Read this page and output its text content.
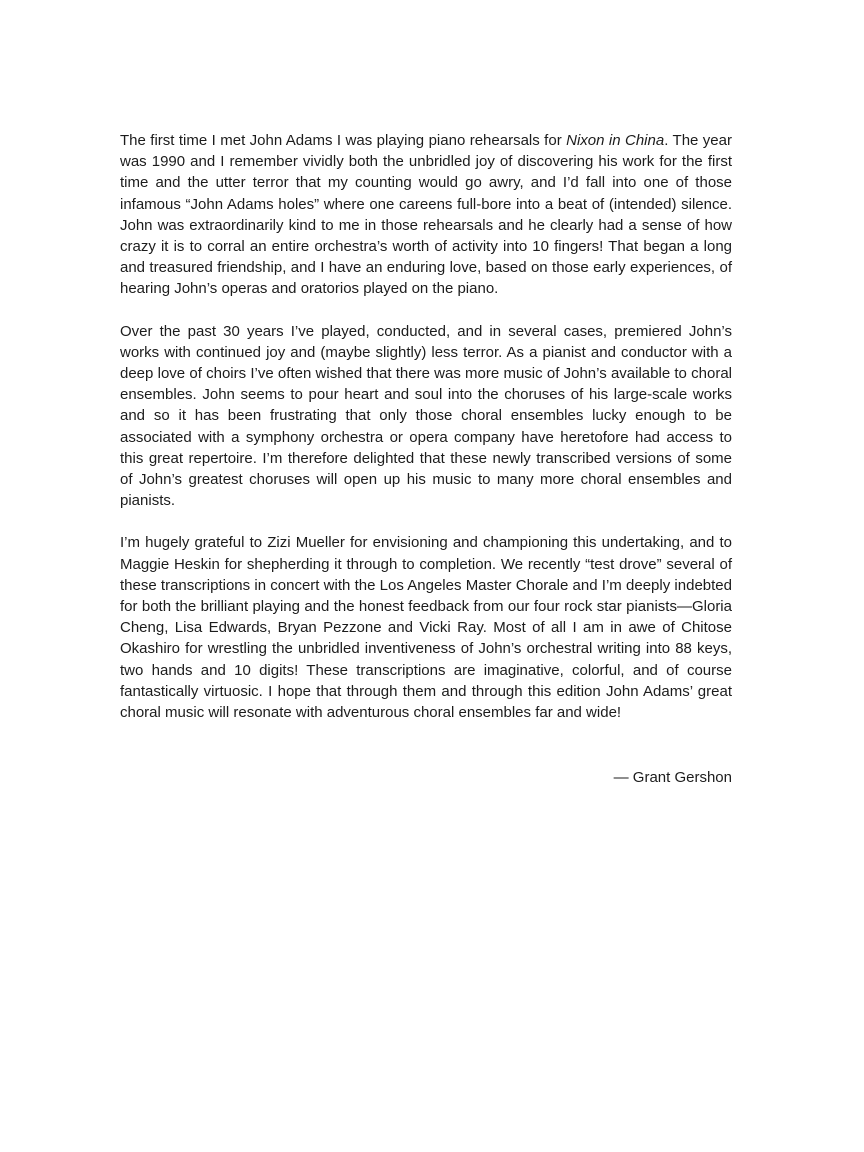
The first time I met John Adams I was playing piano rehearsals for Nixon in China. The year was 1990 and I remember vividly both the unbridled joy of discovering his work for the first time and the utter terror that my counting would go awry, and I’d fall into one of those infamous “John Adams holes” where one careens full-bore into a beat of (intended) silence. John was extraordinarily kind to me in those rehearsals and he clearly had a sense of how crazy it is to corral an entire orchestra’s worth of activity into 10 fingers! That began a long and treasured friendship, and I have an enduring love, based on those early experiences, of hearing John’s operas and oratorios played on the piano.

Over the past 30 years I’ve played, conducted, and in several cases, premiered John’s works with continued joy and (maybe slightly) less terror. As a pianist and conductor with a deep love of choirs I’ve often wished that there was more music of John’s available to choral ensembles. John seems to pour heart and soul into the choruses of his large-scale works and so it has been frustrating that only those choral ensembles lucky enough to be associated with a symphony orchestra or opera company have heretofore had access to this great repertoire. I’m therefore delighted that these newly transcribed versions of some of John’s greatest choruses will open up his music to many more choral ensembles and pianists.

I’m hugely grateful to Zizi Mueller for envisioning and championing this undertaking, and to Maggie Heskin for shepherding it through to completion. We recently “test drove” several of these transcriptions in concert with the Los Angeles Master Chorale and I’m deeply indebted for both the brilliant playing and the honest feedback from our four rock star pianists—Gloria Cheng, Lisa Edwards, Bryan Pezzone and Vicki Ray. Most of all I am in awe of Chitose Okashiro for wrestling the unbridled inventiveness of John’s orchestral writing into 88 keys, two hands and 10 digits! These transcriptions are imaginative, colorful, and of course fantastically virtuosic. I hope that through them and through this edition John Adams’ great choral music will resonate with adventurous choral ensembles far and wide!

— Grant Gershon
